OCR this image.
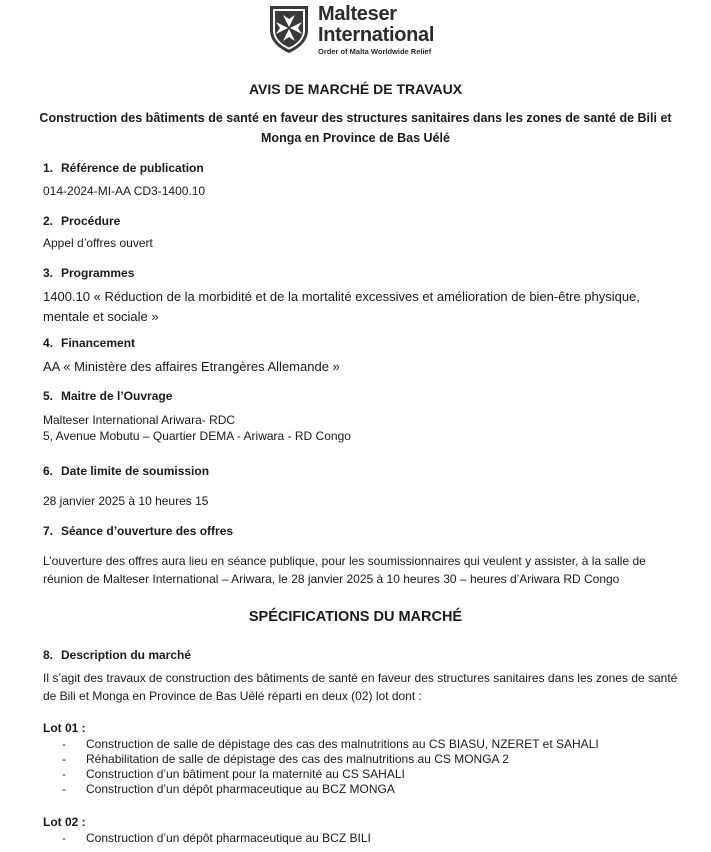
Malteser
International
Order of Malta Worldwide Relief
AVIS DE MARCHÉ DE TRAVAUX
Construction des bâtiments de santé en faveur des structures sanitaires dans les zones de santé de Bili et Monga en Province de Bas Uélé
1. Référence de publication
014-2024-MI-AA CD3-1400.10
2. Procédure
Appel d’offres ouvert
3. Programmes
1400.10 « Réduction de la morbidité et de la mortalité excessives et amélioration de bien-être physique, mentale et sociale »
4. Financement
AA « Ministère des affaires Etrangères Allemande »
5. Maitre de l’Ouvrage
Malteser International Ariwara- RDC
5, Avenue Mobutu – Quartier DEMA - Ariwara - RD Congo
6. Date limite de soumission
28 janvier 2025 à 10 heures 15
7. Séance d’ouverture des offres
L’ouverture des offres aura lieu en séance publique, pour les soumissionnaires qui veulent y assister, à la salle de réunion de Malteser International – Ariwara, le 28 janvier 2025 à 10 heures 30 – heures d’Ariwara RD Congo
SPÉCIFICATIONS DU MARCHÉ
8. Description du marché
Il s’agit des travaux de construction des bâtiments de santé en faveur des structures sanitaires dans les zones de santé de Bili et Monga en Province de Bas Uélé réparti en deux (02) lot dont :
Lot 01 :
-	Construction de salle de dépistage des cas des malnutritions au CS BIASU, NZERET et SAHALI
-	Réhabilitation de salle de dépistage des cas des malnutritions au CS MONGA 2
-	Construction d’un bâtiment pour la maternité au CS SAHALI
-	Construction d’un dépôt pharmaceutique au BCZ MONGA
Lot 02 :
-	Construction d’un dépôt pharmaceutique au BCZ BILI
